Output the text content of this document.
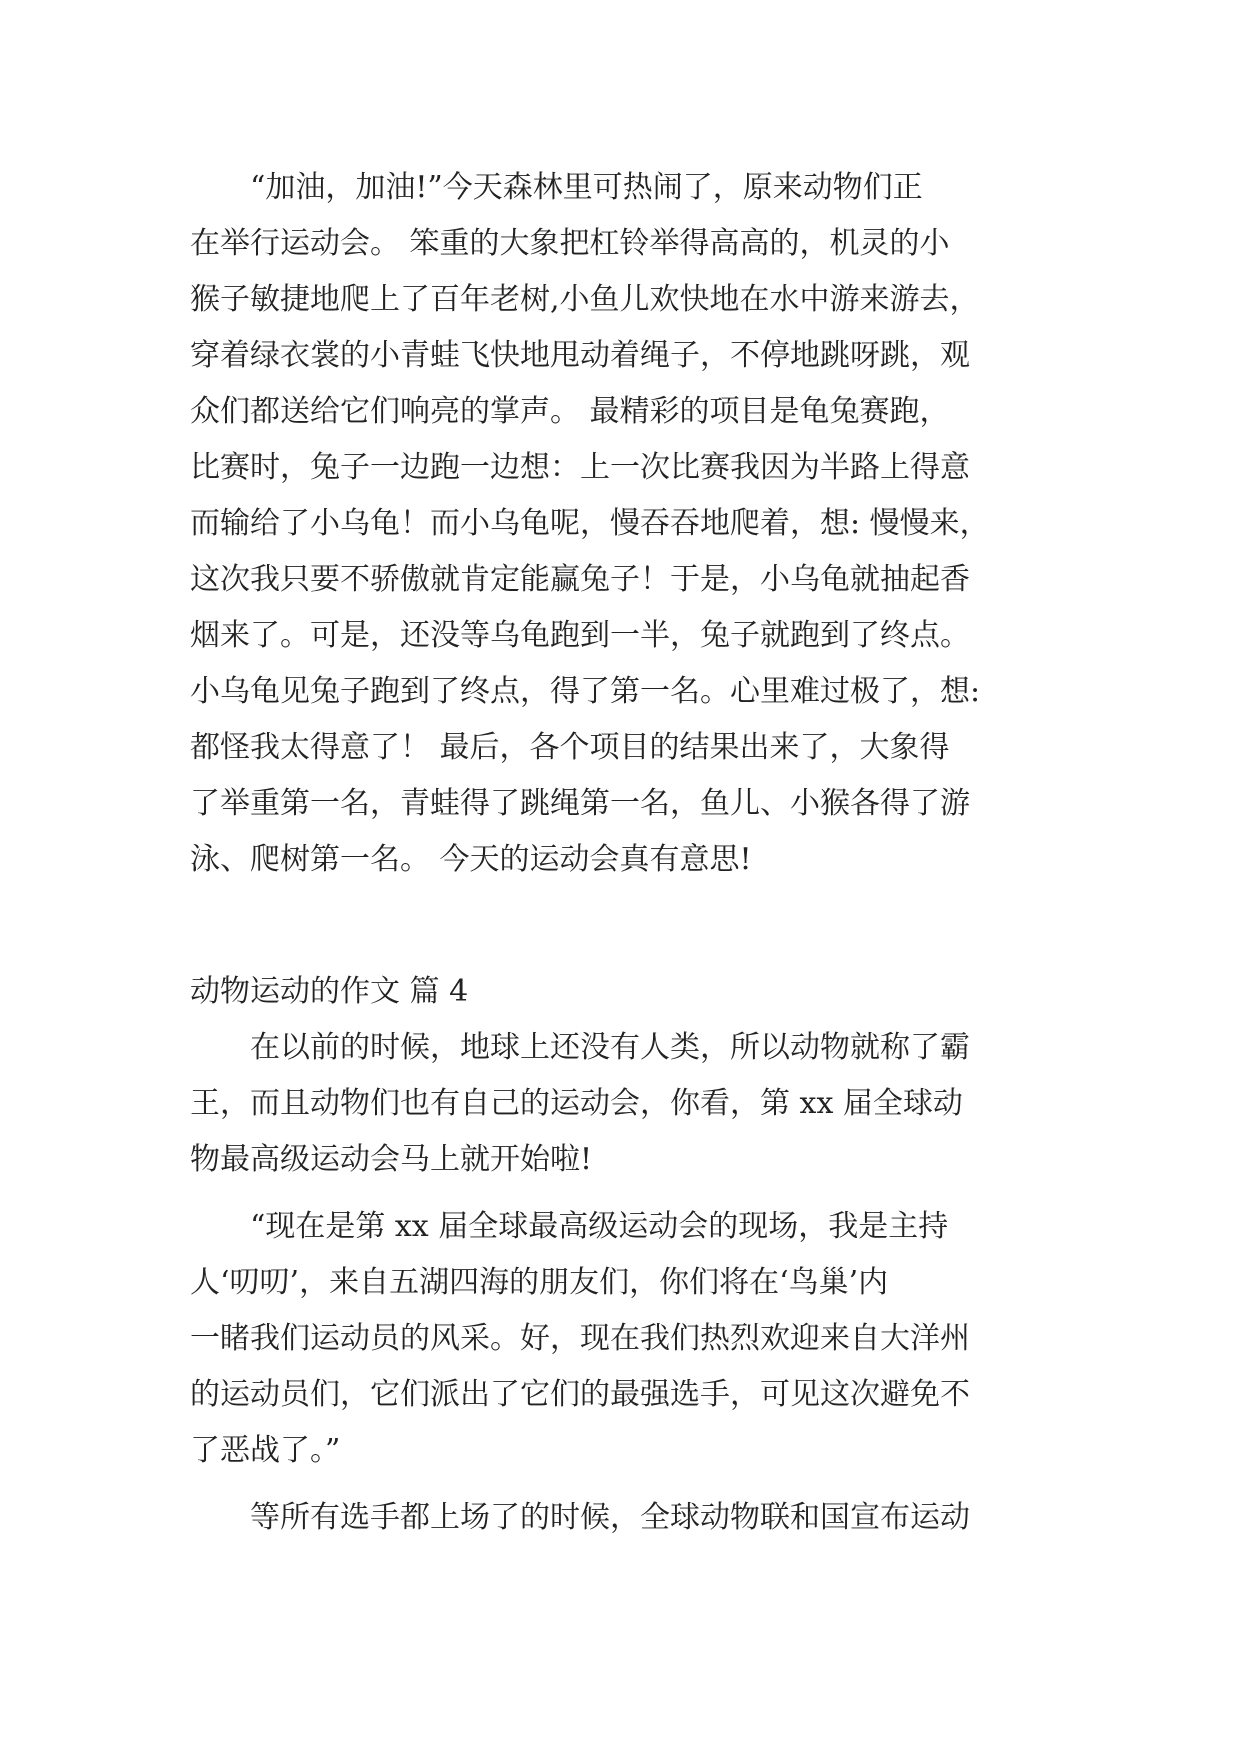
“加油，加油!”今天森林里可热闹了，原来动物们正

在举行运动会。 笨重的大象把杠铃举得高高的，机灵的小

猴子敏捷地爬上了百年老树,小鱼儿欢快地在水中游来游去，

穿着绿衣裳的小青蛙飞快地甩动着绳子，不停地跳呀跳，观

众们都送给它们响亮的掌声。 最精彩的项目是龟兔赛跑，

比赛时，兔子一边跑一边想：上一次比赛我因为半路上得意

而输给了小乌龟！而小乌龟呢，慢吞吞地爬着，想: 慢慢来，

这次我只要不骄傲就肯定能赢兔子！于是，小乌龟就抽起香

烟来了。可是，还没等乌龟跑到一半，兔子就跑到了终点。

小乌龟见兔子跑到了终点，得了第一名。心里难过极了，想:

都怪我太得意了！ 最后，各个项目的结果出来了，大象得

了举重第一名，青蛙得了跳绳第一名，鱼儿、小猴各得了游

泳、爬树第一名。 今天的运动会真有意思!

动物运动的作文 篇 4

在以前的时候，地球上还没有人类，所以动物就称了霸

王，而且动物们也有自己的运动会，你看，第 xx 届全球动

物最高级运动会马上就开始啦!

“现在是第 xx 届全球最高级运动会的现场，我是主持

人‘叨叨’，来自五湖四海的朋友们，你们将在‘鸟巢’内

一睹我们运动员的风采。好，现在我们热烈欢迎来自大洋州

的运动员们，它们派出了它们的最强选手，可见这次避免不

了恶战了。”

等所有选手都上场了的时候，全球动物联和国宣布运动
